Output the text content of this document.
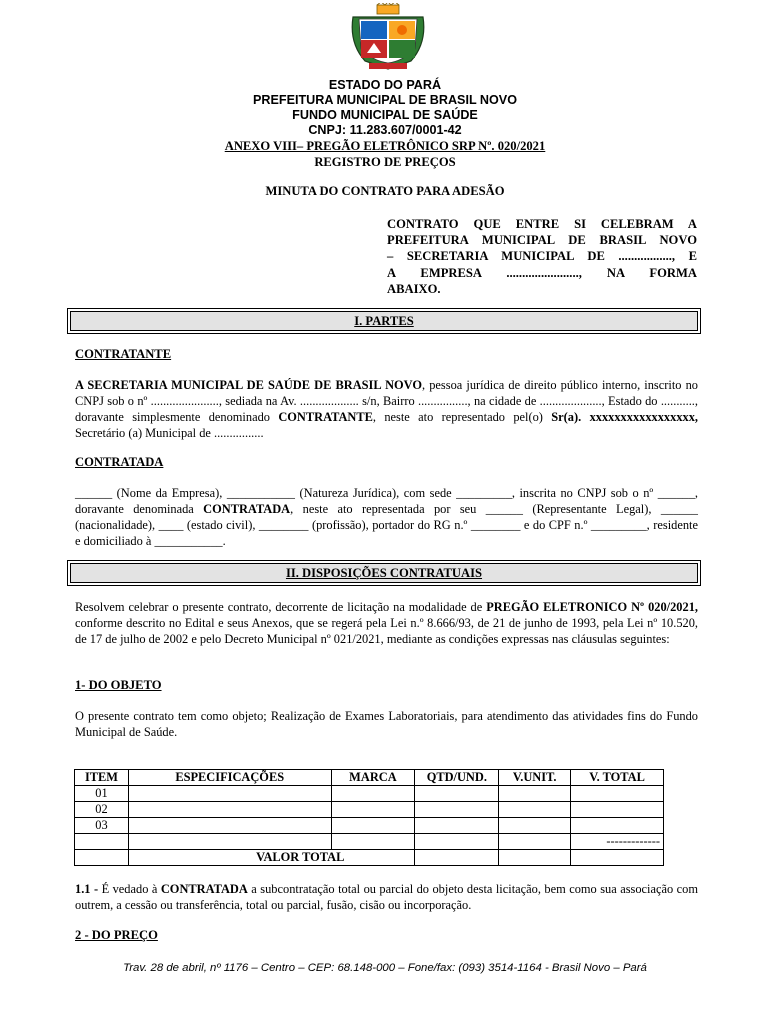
ESTADO DO PARÁ
PREFEITURA MUNICIPAL DE BRASIL NOVO
FUNDO MUNICIPAL DE SAÚDE
CNPJ: 11.283.607/0001-42
ANEXO VIII– PREGÃO ELETRÔNICO SRP Nº. 020/2021
REGISTRO DE PREÇOS
MINUTA DO CONTRATO PARA ADESÃO
CONTRATO QUE ENTRE SI CELEBRAM A
PREFEITURA MUNICIPAL DE BRASIL NOVO
– SECRETARIA MUNICIPAL DE ................., E
A EMPRESA ......................., NA FORMA
ABAIXO.
I. PARTES
CONTRATANTE
A SECRETARIA MUNICIPAL DE SAÚDE DE BRASIL NOVO, pessoa jurídica de direito público interno, inscrito no CNPJ sob o nº ......................, sediada na Av. ................... s/n, Bairro ................, na cidade de ...................., Estado do ..........., doravante simplesmente denominado CONTRATANTE, neste ato representado pel(o) Sr(a). xxxxxxxxxxxxxxxxx, Secretário (a) Municipal de ................
CONTRATADA
______ (Nome da Empresa), ___________ (Natureza Jurídica), com sede _________, inscrita no CNPJ sob o nº ______, doravante denominada CONTRATADA, neste ato representada por seu ______ (Representante Legal), ______ (nacionalidade), ____ (estado civil), ________ (profissão), portador do RG n.º ________ e do CPF n.º _________, residente e domiciliado à ___________.
II. DISPOSIÇÕES CONTRATUAIS
Resolvem celebrar o presente contrato, decorrente de licitação na modalidade de PREGÃO ELETRONICO Nº 020/2021, conforme descrito no Edital e seus Anexos, que se regerá pela Lei n.º 8.666/93, de 21 de junho de 1993, pela Lei nº 10.520, de 17 de julho de 2002 e pelo Decreto Municipal nº 021/2021, mediante as condições expressas nas cláusulas seguintes:
1- DO OBJETO
O presente contrato tem como objeto; Realização de Exames Laboratoriais, para atendimento das atividades fins do Fundo Municipal de Saúde.
ITEM	ESPECIFICAÇÕES	MARCA	QTD/UND.	V.UNIT.	V. TOTAL
01					
02					
03					
					-------------
	VALOR TOTAL				
1.1 - É vedado à CONTRATADA a subcontratação total ou parcial do objeto desta licitação, bem como sua associação com outrem, a cessão ou transferência, total ou parcial, fusão, cisão ou incorporação.
2 - DO PREÇO
Trav. 28 de abril, nº 1176 – Centro – CEP: 68.148-000 – Fone/fax: (093) 3514-1164 - Brasil Novo – Pará
